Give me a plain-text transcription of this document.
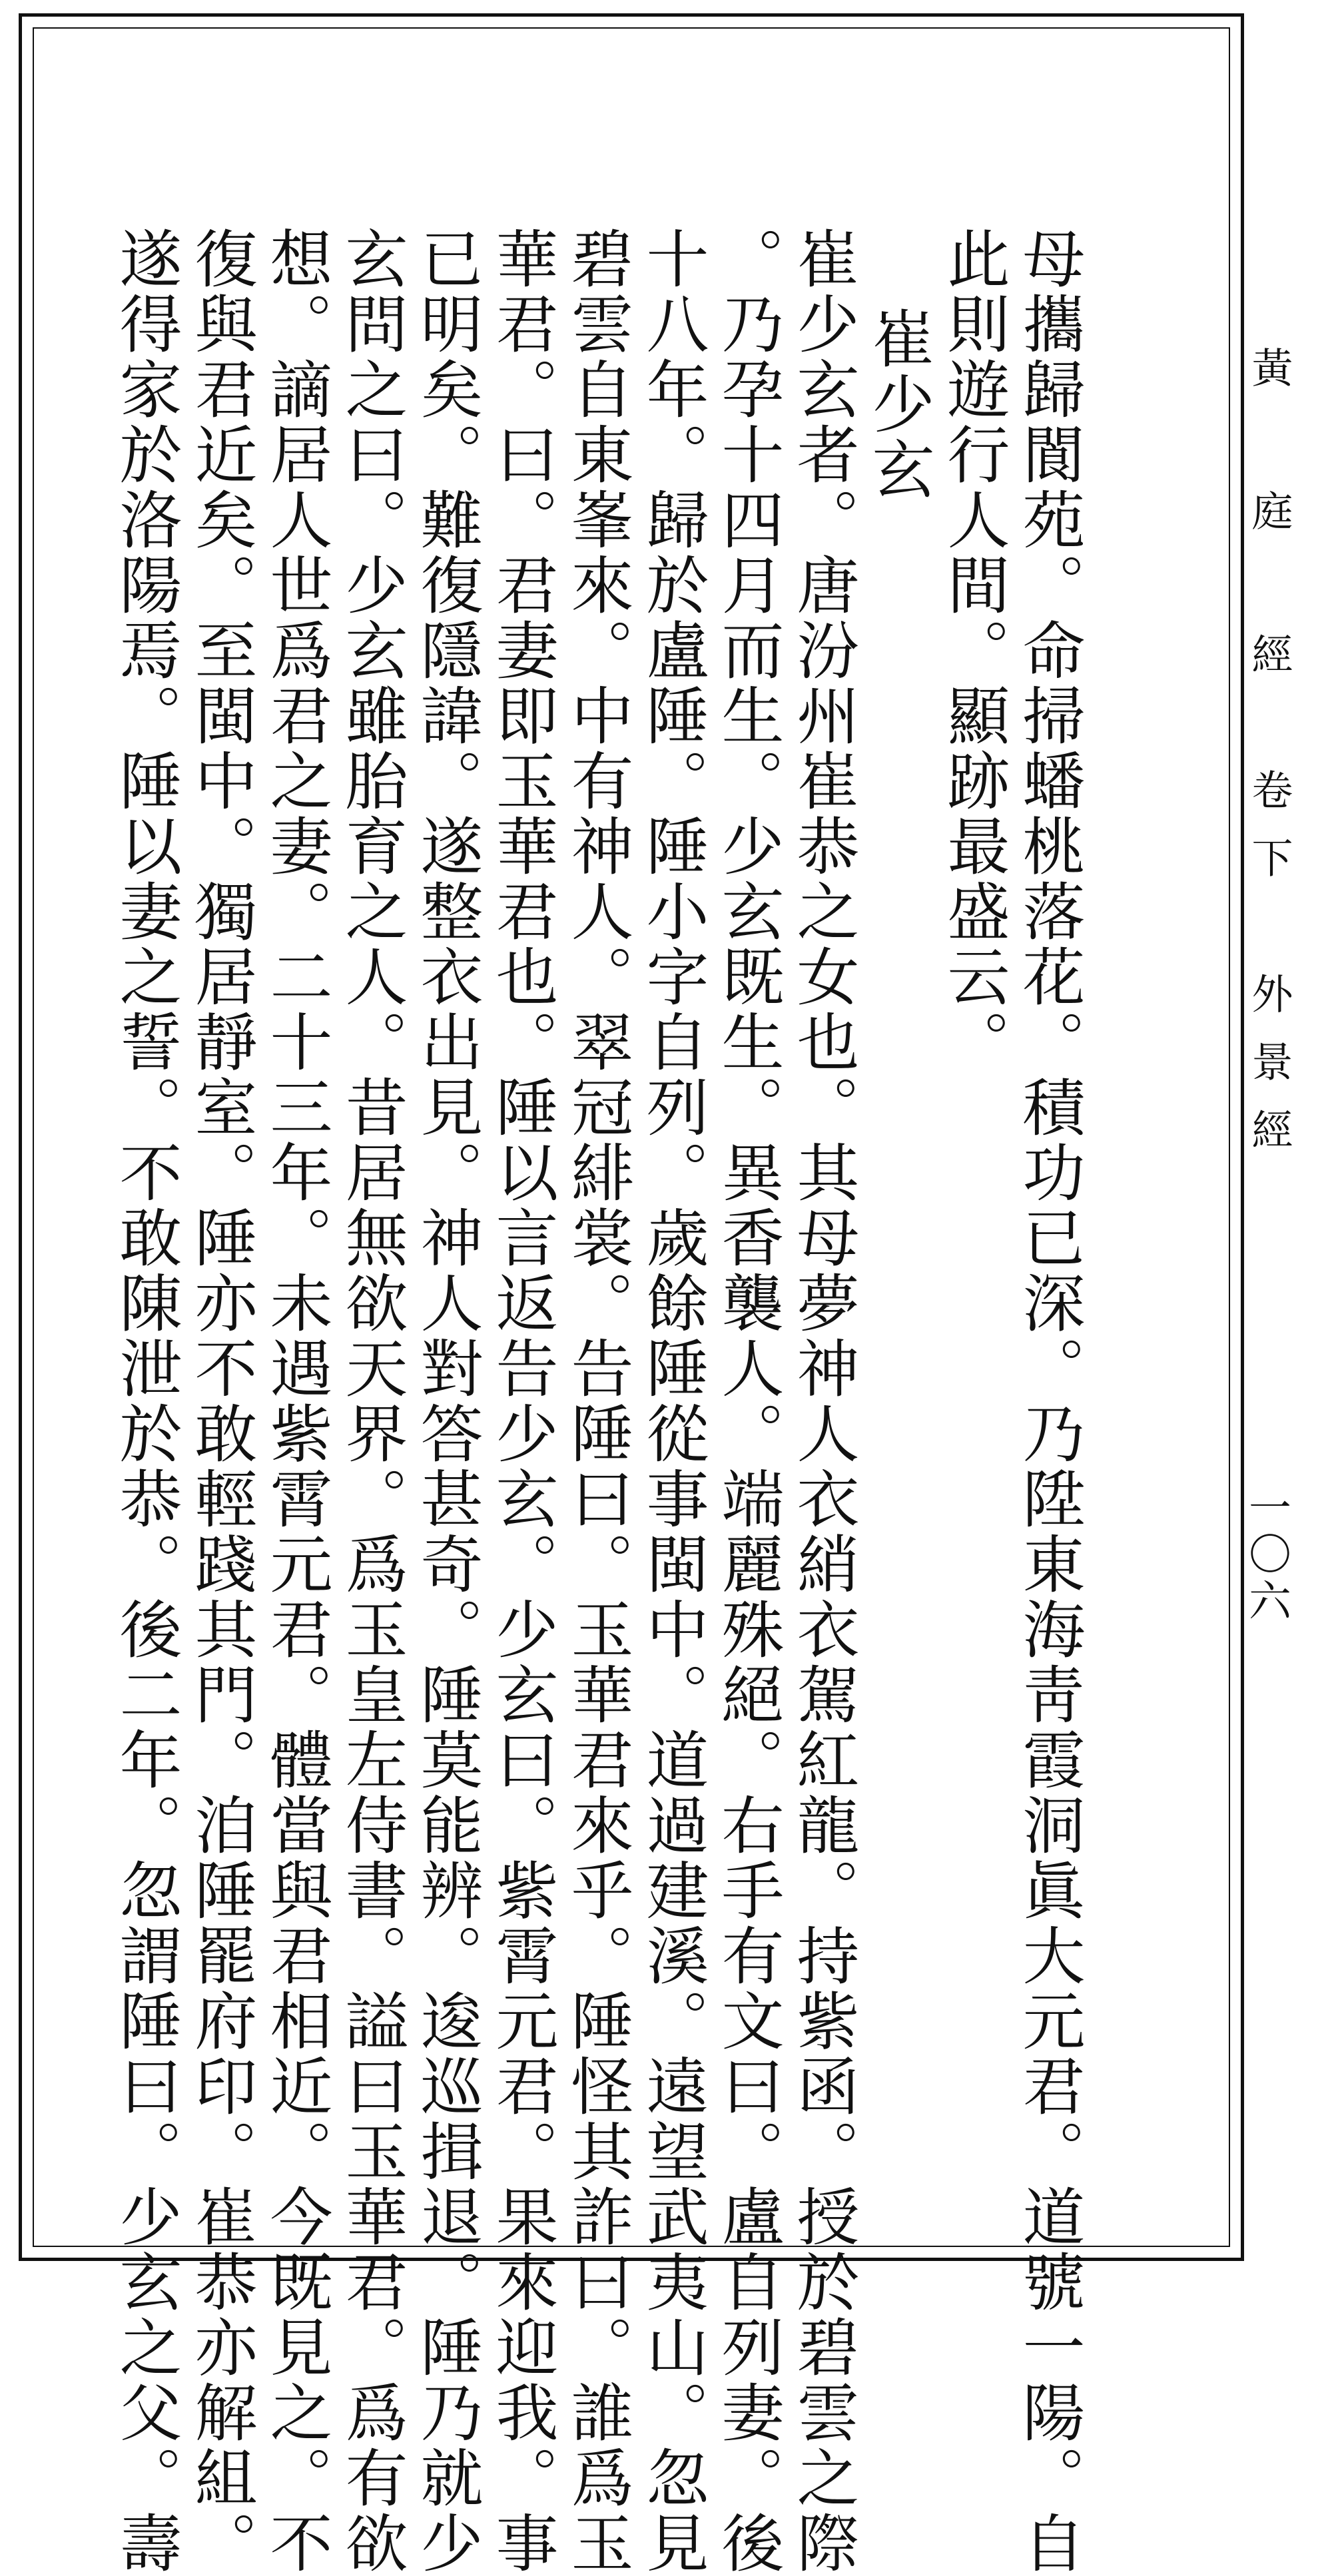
母攜歸閬苑。命掃蟠桃落花。積功已深。乃陞東海靑霞洞眞大元君。道號一陽。自

此則遊行人間。顯跡最盛云。

崔少玄

崔少玄者。唐汾州崔恭之女也。其母夢神人衣綃衣駕紅龍。持紫函。授於碧雲之際

。乃孕十四月而生。少玄既生。異香襲人。端麗殊絕。右手有文曰。盧自列妻。後

十八年。歸於盧陲。陲小字自列。歲餘陲從事閩中。道過建溪。遠望武夷山。忽見

碧雲自東峯來。中有神人。翠冠緋裳。告陲曰。玉華君來乎。陲怪其詐曰。誰爲玉

華君。曰。君妻即玉華君也。陲以言返告少玄。少玄曰。紫霄元君。果來迎我。事

已明矣。難復隱諱。遂整衣出見。神人對答甚奇。陲莫能辨。逡巡揖退。陲乃就少

玄問之曰。少玄雖胎育之人。昔居無欲天界。爲玉皇左侍書。謚曰玉華君。爲有欲

想。謫居人世爲君之妻。二十三年。未遇紫霄元君。體當與君相近。今既見之。不

復與君近矣。至閩中。獨居靜室。陲亦不敢輕踐其門。洎陲罷府印。崔恭亦解組。

遂得家於洛陽焉。陲以妻之誓。不敢陳泄於恭。後二年。忽謂陲曰。少玄之父。壽	黃 庭 經　卷下　外景經
一〇六
